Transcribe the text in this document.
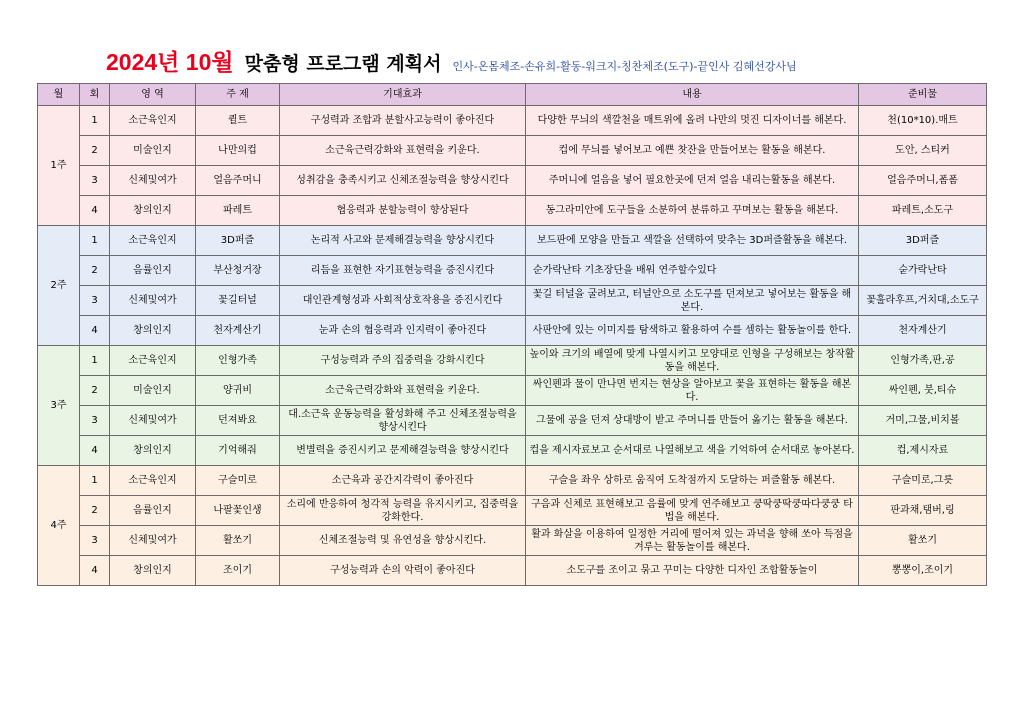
2024년 10월 맞춤형 프로그램 계획서 인사-온몸체조-손유희-활동-워크지-칭찬체조(도구)-끝인사 김혜선강사님
월	회	영 역	주 제	기대효과	내용	준비물
1주	1	소근육인지	퀼트	구성력과 조합과 분할사고능력이 좋아진다	다양한 무늬의 색깔천을 매트위에 올려 나만의 멋진 디자이너를 해본다.	천(10*10).매트
	2	미술인지	나만의컵	소근육근력강화와 표현력을 키운다.	컵에 무늬를 넣어보고 예쁜 찻잔을 만들어보는 활동을 해본다.	도안, 스티커
	3	신체및여가	얼음주머니	성취감을 충족시키고 신체조절능력을 향상시킨다	주머니에 얼음을 넣어 필요한곳에 던져 얼음 내리는활동을 해본다.	얼음주머니,폼폼
	4	창의인지	파레트	협응력과 분할능력이 향상된다	동그라미안에 도구들을 소분하여 분류하고 꾸며보는 활동을 해본다.	파레트,소도구
2주	1	소근육인지	3D퍼즐	논리적 사고와 문제해결능력을 향상시킨다	보드판에 모양을 만들고 색깔을 선택하여 맞추는 3D퍼즐활동을 해본다.	3D퍼즐
	2	음률인지	부산청거장	리듬을 표현한 자기표현능력을 증진시킨다	순가락난타 기초장단을 배워 연주할수있다	숟가락난타
	3	신체및여가	꽃길터널	대인관계형성과 사회적상호작용을 증진시킨다	꽃길 터널을 굴려보고, 터널안으로 소도구를 던져보고 넣어보는 활동을 해본다.	꽃훌라후프,거치대,소도구
	4	창의인지	천자계산기	눈과 손의 협응력과 인지력이 좋아진다	사판안에 있는 이미지를 탐색하고 활용하여 수를 셈하는 활동놀이를 한다.	천자계산기
3주	1	소근육인지	인형가족	구성능력과 주의 집중력을 강화시킨다	높이와 크기의 배열에 맞게 나열시키고 모양대로 인형을 구성해보는 창작활동을 해본다.	인형가족,판,공
	2	미술인지	양귀비	소근육근력강화와 표현력을 키운다.	싸인펜과 물이 만나면 번지는 현상을 알아보고 꽃을 표현하는 활동을 해본다.	싸인펜, 붓,티슈
	3	신체및여가	던져봐요	대.소근육 운동능력을 활성화해 주고 신체조절능력을 향상시킨다	그물에 공을 던져 상대방이 받고 주머니를 만들어 옮기는 활동을 해본다.	거미,그물,비치볼
	4	창의인지	기억해줘	변별력을 증진시키고 문제해결능력을 향상시킨다	컵을 제시자료보고 순서대로 나열해보고 색을 기억하여 순서대로 놓아본다.	컵,제시자료
4주	1	소근육인지	구슬미로	소근육과 공간지각력이 좋아진다	구슬을 좌우 상하로 움직여 도착점까지 도달하는 퍼즐활동 해본다.	구슬미로,그릇
	2	음률인지	나팔꽃인생	소리에 반응하여 청각적 능력을 유지시키고, 집중력을 강화한다.	구음과 신체로 표현해보고 음률에 맞게 연주해보고 쿵딱쿵딱쿵따다쿵쿵 타법을 해본다.	판과채,탬버,링
	3	신체및여가	활쏘기	신체조절능력 및 유연성을 향상시킨다.	활과 화살을 이용하여 일정한 거리에 떨어져 있는 과녁을 향해 쏘아 득점을 겨루는 활동놀이를 해본다.	활쏘기
	4	창의인지	조이기	구성능력과 손의 악력이 좋아진다	소도구를 조이고 묶고 꾸미는 다양한 디자인 조합활동놀이	뽕뽕이,조이기
